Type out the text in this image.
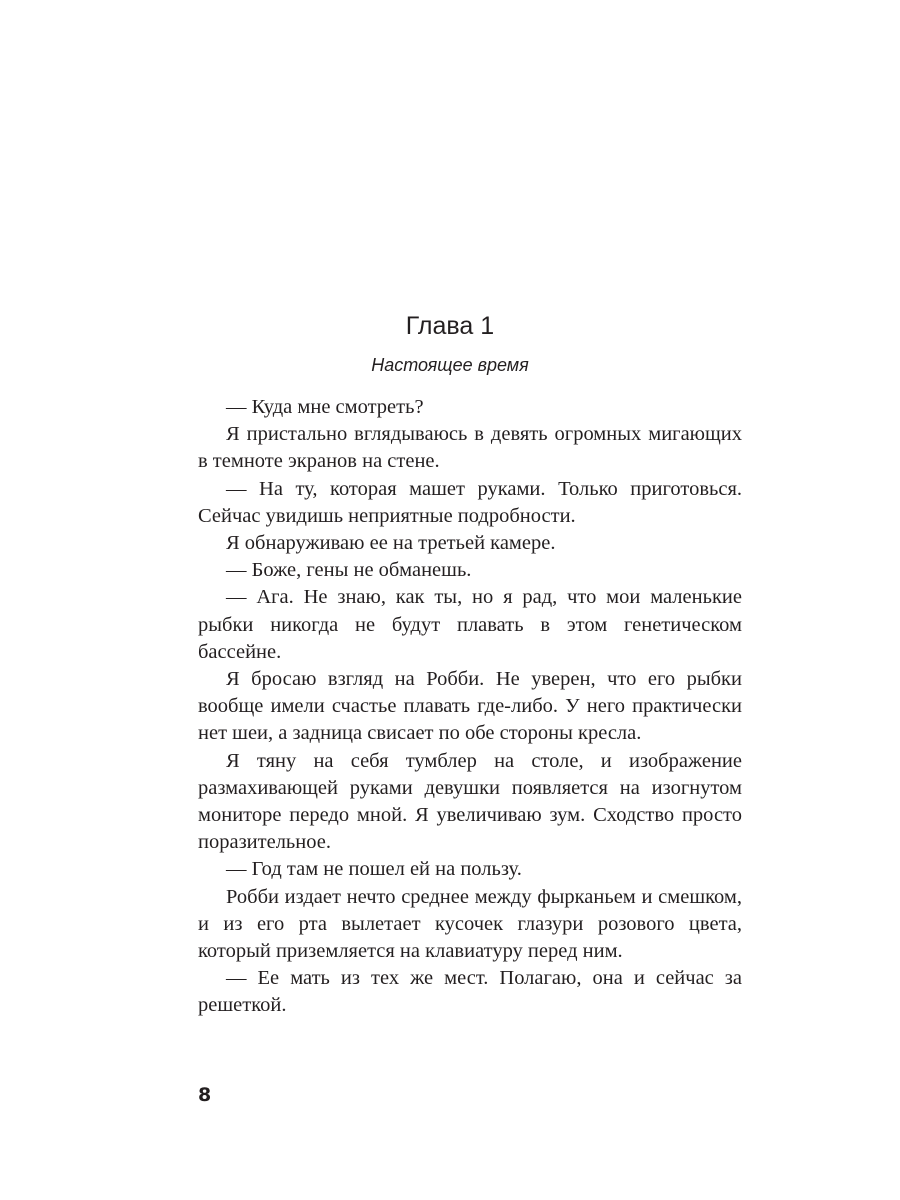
Глава 1
Настоящее время

— Куда мне смотреть?

Я пристально вглядываюсь в девять огромных мигающих в темноте экранов на стене.

— На ту, которая машет руками. Только приготовься. Сейчас увидишь неприятные подробности.

Я обнаруживаю ее на третьей камере.

— Боже, гены не обманешь.

— Ага. Не знаю, как ты, но я рад, что мои маленькие рыбки никогда не будут плавать в этом генетическом бассейне.

Я бросаю взгляд на Робби. Не уверен, что его рыбки вообще имели счастье плавать где-либо. У него практически нет шеи, а задница свисает по обе стороны кресла.

Я тяну на себя тумблер на столе, и изображение размахивающей руками девушки появляется на изогнутом мониторе передо мной. Я увеличиваю зум. Сходство просто поразительное.

— Год там не пошел ей на пользу.

Робби издает нечто среднее между фырканьем и смешком, и из его рта вылетает кусочек глазури розового цвета, который приземляется на клавиатуру перед ним.

— Ее мать из тех же мест. Полагаю, она и сейчас за решеткой.

8
